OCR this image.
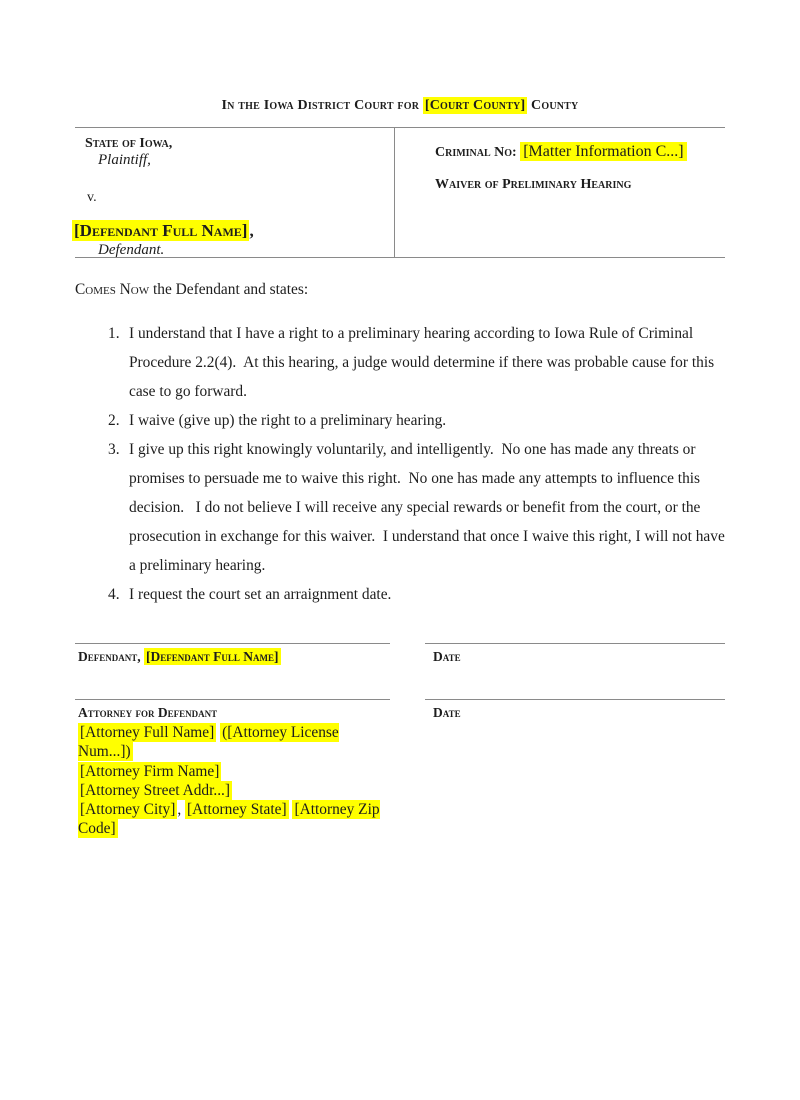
In the Iowa District Court for [Court County] County
State of Iowa,
Plaintiff,
v.
[Defendant Full Name] ,
Defendant.
Criminal No: [Matter Information C...]
Waiver of Preliminary Hearing

Comes Now the Defendant and states:

1. I understand that I have a right to a preliminary hearing according to Iowa Rule of Criminal Procedure 2.2(4).  At this hearing, a judge would determine if there was probable cause for this case to go forward.
2. I waive (give up) the right to a preliminary hearing.
3. I give up this right knowingly voluntarily, and intelligently.  No one has made any threats or promises to persuade me to waive this right.  No one has made any attempts to influence this decision.   I do not believe I will receive any special rewards or benefit from the court, or the prosecution in exchange for this waiver.  I understand that once I waive this right, I will not have a preliminary hearing.
4. I request the court set an arraignment date.
Defendant, [Defendant Full Name]	Date
Attorney for Defendant
[Attorney Full Name] ([Attorney License Num...])
[Attorney Firm Name]
[Attorney Street Addr...]
[Attorney City] , [Attorney State] [Attorney Zip Code]
Date
